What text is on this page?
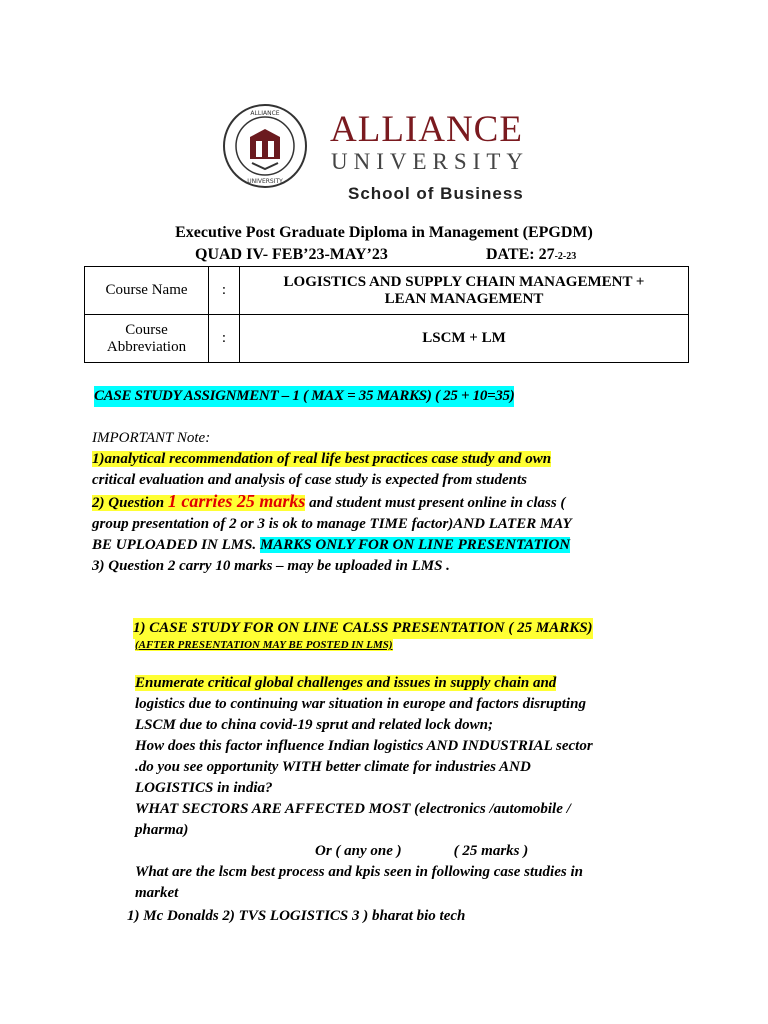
ALLIANCE
UNIVERSITY
ALLIANCE
UNIVERSITY
School of Business
Executive Post Graduate Diploma in Management (EPGDM)
QUAD IV- FEB’23-MAY’23	DATE: 27-2-23
Course Name	:	LOGISTICS AND SUPPLY CHAIN MANAGEMENT +
LEAN MANAGEMENT

Course
Abbreviation	:	LSCM + LM
CASE STUDY ASSIGNMENT – 1 ( MAX = 35 MARKS) ( 25 + 10=35)
IMPORTANT Note:
1)analytical recommendation of real life best practices case study and own
critical evaluation and analysis of case study is expected from students
2) Question 1 carries 25 marks and student must present online in class (
group presentation of 2 or 3 is ok to manage TIME factor)AND LATER MAY
BE UPLOADED IN LMS. MARKS ONLY FOR ON LINE PRESENTATION
3) Question 2 carry 10 marks – may be uploaded in LMS .
1) CASE STUDY FOR ON LINE CALSS PRESENTATION ( 25 MARKS)
(AFTER PRESENTATION MAY BE POSTED IN LMS)
Enumerate critical global challenges and issues in supply chain and
logistics due to continuing war situation in europe and factors disrupting
LSCM due to china covid-19 sprut and related lock down;
How does this factor influence Indian logistics AND INDUSTRIAL sector
.do you see opportunity WITH better climate for industries AND
LOGISTICS in india?
WHAT SECTORS ARE AFFECTED MOST (electronics /automobile /
pharma)
Or ( any one )	( 25 marks )
What are the lscm best process and kpis seen in following case studies in
market
1) Mc Donalds 2) TVS LOGISTICS 3 ) bharat bio tech
